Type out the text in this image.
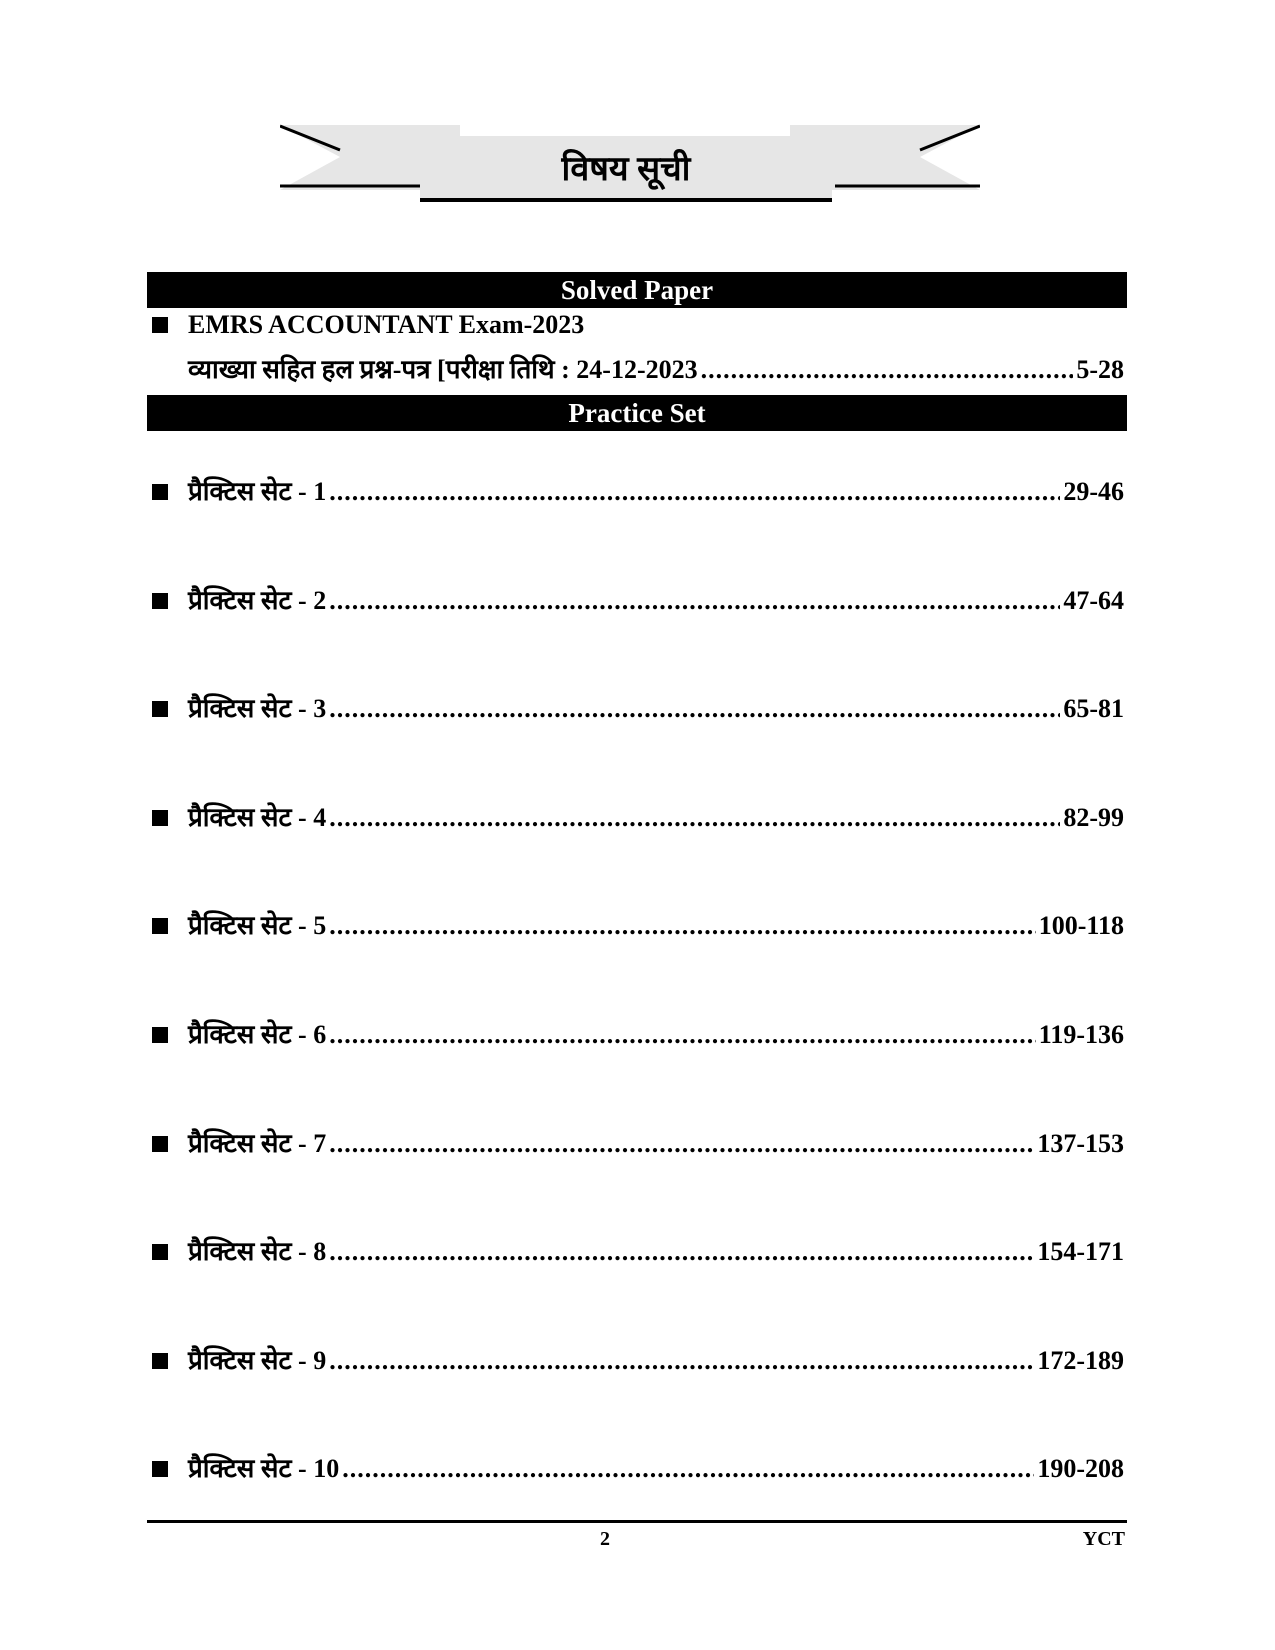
विषय सूची
Solved Paper
EMRS ACCOUNTANT Exam-2023
व्याख्या सहित हल प्रश्न-पत्र [परीक्षा तिथि : 24-12-2023 .....	5-28
Practice Set
प्रैक्टिस सेट - 1 .....	29-46
प्रैक्टिस सेट - 2 .....	47-64
प्रैक्टिस सेट - 3 .....	65-81
प्रैक्टिस सेट - 4 .....	82-99
प्रैक्टिस सेट - 5 .....	100-118
प्रैक्टिस सेट - 6 .....	119-136
प्रैक्टिस सेट - 7 .....	137-153
प्रैक्टिस सेट - 8 .....	154-171
प्रैक्टिस सेट - 9 .....	172-189
प्रैक्टिस सेट - 10 .....	190-208
2	YCT
